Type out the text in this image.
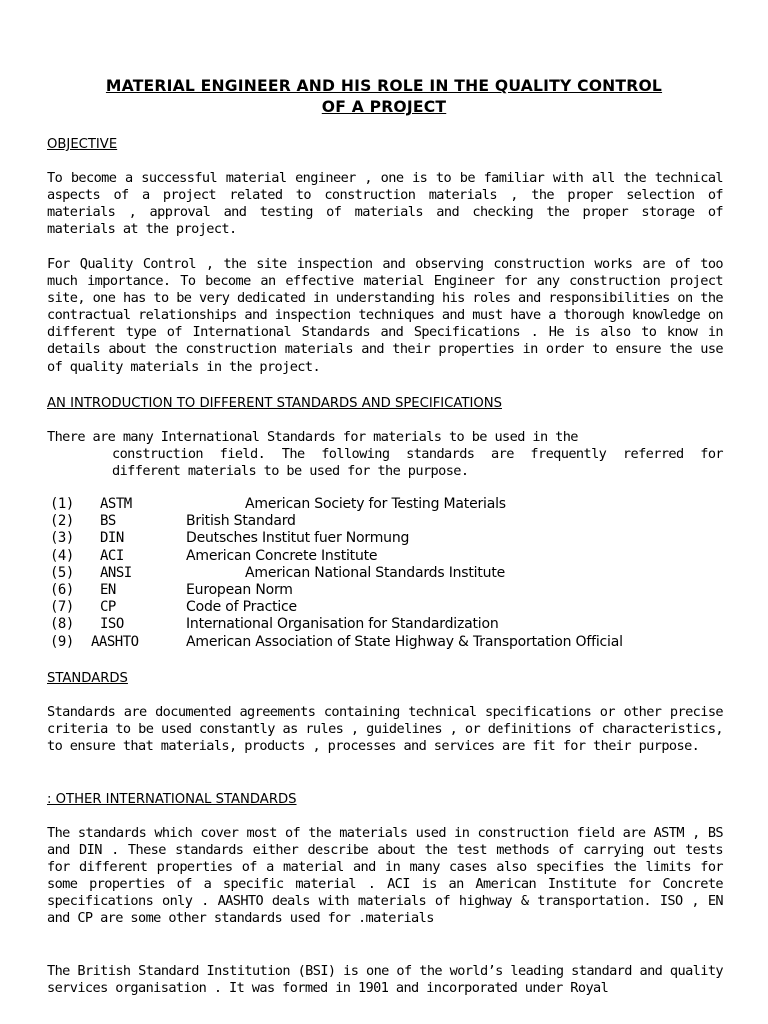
MATERIAL ENGINEER AND HIS ROLE IN THE QUALITY CONTROL
OF A PROJECT
OBJECTIVE

To become a successful material engineer , one is to be familiar with all the technical aspects of a project related to construction materials , the proper selection of materials , approval and testing of materials and checking the proper storage of materials at the project.

For Quality Control , the site inspection and observing construction works are of too much importance. To become an effective material Engineer for any construction project site, one has to be very dedicated in understanding his roles and responsibilities on the contractual relationships and inspection techniques and must have a thorough knowledge on different type of International Standards and Specifications . He is also to know in details about the construction materials and their properties in order to ensure the use of quality materials in the project.

AN INTRODUCTION TO DIFFERENT STANDARDS AND SPECIFICATIONS
There are many International Standards for materials to be used in the
construction field. The following standards are frequently referred for different materials to be used for the purpose.
(1) ASTM	American Society for Testing Materials
(2) BS	British Standard
(3) DIN	Deutsches Institut fuer Normung
(4) ACI	American Concrete Institute
(5) ANSI	American National Standards Institute
(6) EN	European Norm
(7) CP	Code of Practice
(8) ISO	International Organisation for Standardization
(9) AASHTO	American Association of State Highway & Transportation Official
STANDARDS

Standards are documented agreements containing technical specifications or other precise criteria to be used constantly as rules , guidelines , or definitions of characteristics, to ensure that materials, products , processes and services are fit for their purpose.

: OTHER INTERNATIONAL STANDARDS

The standards which cover most of the materials used in construction field are ASTM , BS and DIN . These standards either describe about the test methods of carrying out tests for different properties of a material and in many cases also specifies the limits for some properties of a specific material . ACI is an American Institute for Concrete specifications only . AASHTO deals with materials of highway & transportation. ISO , EN and CP are some other standards used for .materials

The British Standard Institution (BSI) is one of the world’s leading standard and quality services organisation . It was formed in 1901 and incorporated under Royal
